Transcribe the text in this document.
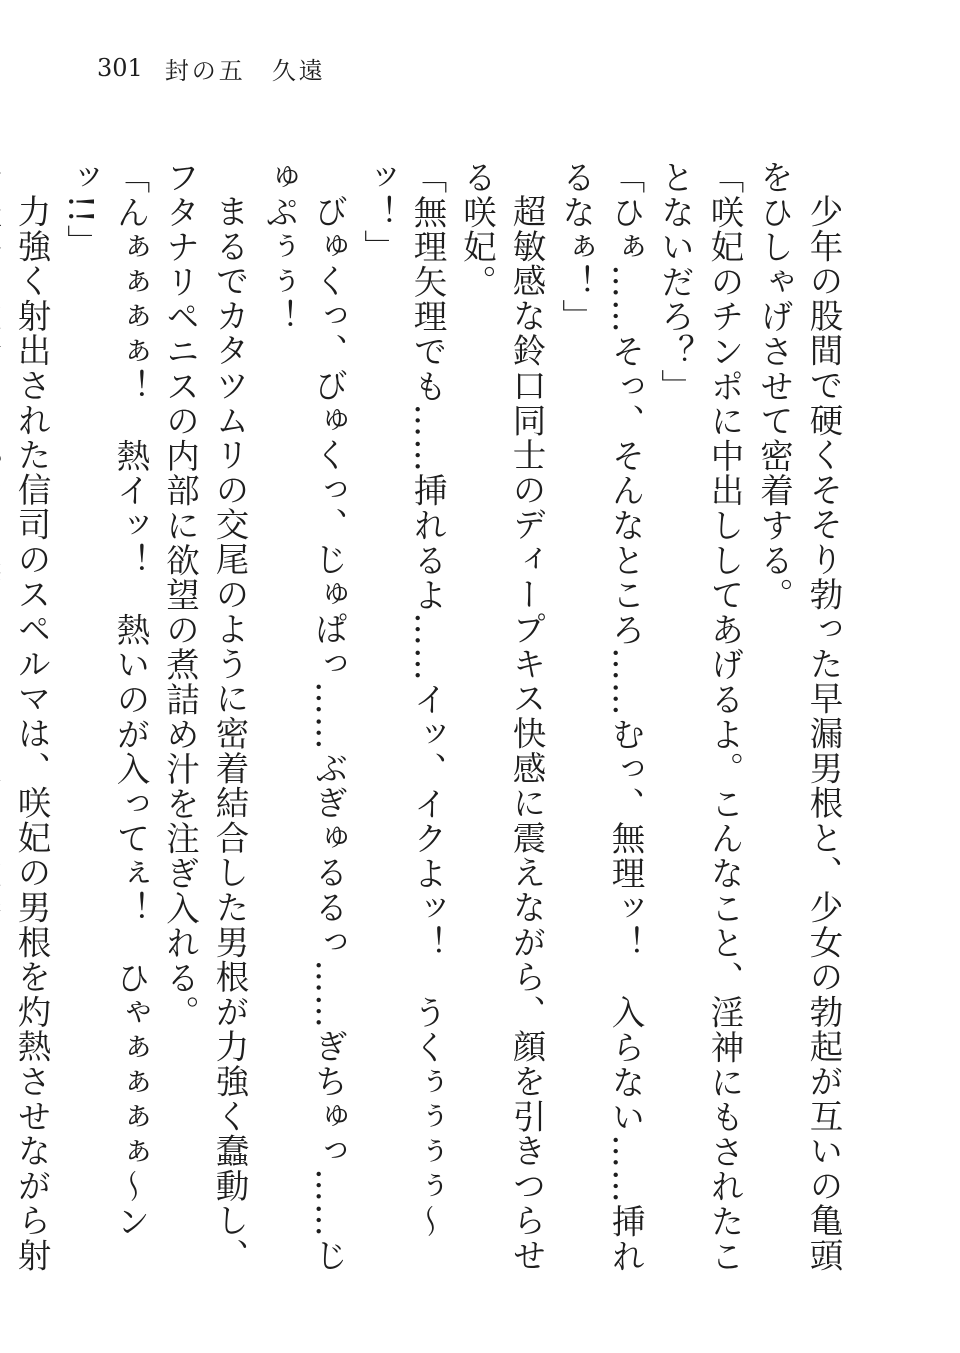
301 封の五 久遠

少年の股間で硬くそそり勃った早漏男根と、少女の勃起が互いの亀頭をひしゃげさせて密着する。

「咲妃のチンポに中出ししてあげるよ。こんなこと、淫神にもされたことないだろ？」

「ひぁ……そっ、そんなところ……むっ、無理ッ！　入らない……挿れるなぁ！」

超敏感な鈴口同士のディープキス快感に震えながら、顔を引きつらせる咲妃。

「無理矢理でも……挿れるよ……イッ、イクよッ！　うくぅぅぅぅ〜ッ！」

びゅくっ、びゅくっ、じゅぱっ……ぶぎゅるるっ……ぎちゅっ……じゅぷぅぅ！

まるでカタツムリの交尾のように密着結合した男根が力強く蠢動し、フタナリペニスの内部に欲望の煮詰め汁を注ぎ入れる。

「んぁぁぁぁ！　熱イッ！　熱いのが入ってぇ！　ひゃぁぁぁぁ〜ンッ!!」

力強く射出された信司のスペルマは、咲妃の男根を灼熱させながら射
